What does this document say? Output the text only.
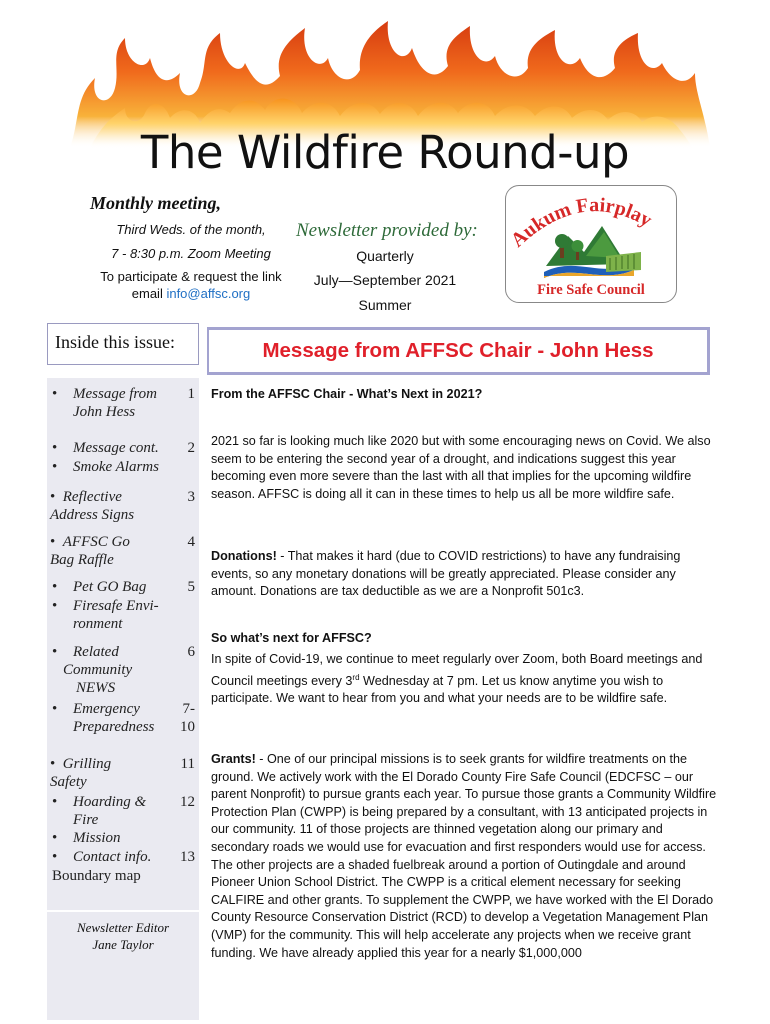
The Wildfire Round-up
Monthly meeting,
Third Weds. of the month,
7 - 8:30 p.m. Zoom Meeting
To participate & request the link
email info@affsc.org
Newsletter provided by:
Quarterly
July—September 2021
Summer
Aukum Fairplay
Fire Safe Council
Inside this issue:
•	Message from
John Hess
1
•	Message cont.	2
•	Smoke Alarms
•  Reflective
Address Signs
3
•  AFFSC Go
Bag Raffle
4
•	Pet GO Bag	5
•	Firesafe Envi-
ronment
•	Related
Community
NEWS
6
•	Emergency
Preparedness
7-
10
•  Grilling
Safety
11
•	Hoarding &
Fire
12
•	Mission
•	Contact info.	13
Boundary map
Newsletter Editor
Jane Taylor
Message from AFFSC Chair - John Hess
From the AFFSC Chair - What’s Next in 2021?
2021 so far is looking much like 2020 but with some encouraging news on Covid. We also seem to be entering the second year of a drought, and indications suggest this year becoming even more severe than the last with all that implies for the upcoming wildfire season. AFFSC is doing all it can in these times to help us all be more wildfire safe.
Donations! - That makes it hard (due to COVID restrictions) to have any fundraising events, so any monetary donations will be greatly appreciated. Please consider any amount. Donations are tax deductible as we are a Nonprofit 501c3.
So what’s next for AFFSC?
In spite of Covid-19, we continue to meet regularly over Zoom, both Board meetings and Council meetings every 3rd Wednesday at 7 pm. Let us know anytime you wish to participate. We want to hear from you and what your needs are to be wildfire safe.
Grants! - One of our principal missions is to seek grants for wildfire treatments on the ground. We actively work with the El Dorado County Fire Safe Council (EDCFSC – our parent Nonprofit) to pursue grants each year. To pursue those grants a Community Wildfire Protection Plan (CWPP) is being prepared by a consultant, with 13 anticipated projects in our community. 11 of those projects are thinned vegetation along our primary and secondary roads we would use for evacuation and first responders would use for access. The other projects are a shaded fuelbreak around a portion of Outingdale and around Pioneer Union School District. The CWPP is a critical element necessary for seeking CALFIRE and other grants. To supplement the CWPP, we have worked with the El Dorado County Resource Conservation District (RCD) to develop a Vegetation Management Plan (VMP) for the community. This will help accelerate any projects when we receive grant funding. We have already applied this year for a nearly $1,000,000
